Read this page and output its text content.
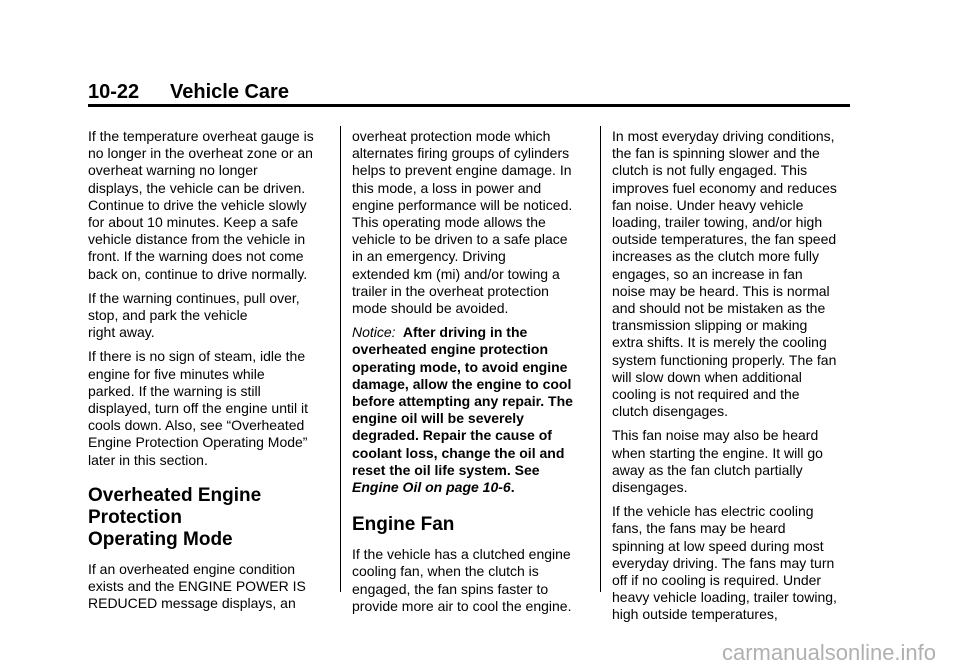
10-22 Vehicle Care

If the temperature overheat gauge is
no longer in the overheat zone or an
overheat warning no longer
displays, the vehicle can be driven.
Continue to drive the vehicle slowly
for about 10 minutes. Keep a safe
vehicle distance from the vehicle in
front. If the warning does not come
back on, continue to drive normally.

If the warning continues, pull over,
stop, and park the vehicle
right away.

If there is no sign of steam, idle the
engine for five minutes while
parked. If the warning is still
displayed, turn off the engine until it
cools down. Also, see “Overheated
Engine Protection Operating Mode”
later in this section.

Overheated Engine
Protection
Operating Mode

If an overheated engine condition
exists and the ENGINE POWER IS
REDUCED message displays, an

overheat protection mode which
alternates firing groups of cylinders
helps to prevent engine damage. In
this mode, a loss in power and
engine performance will be noticed.
This operating mode allows the
vehicle to be driven to a safe place
in an emergency. Driving
extended km (mi) and/or towing a
trailer in the overheat protection
mode should be avoided.

Notice: After driving in the
overheated engine protection
operating mode, to avoid engine
damage, allow the engine to cool
before attempting any repair. The
engine oil will be severely
degraded. Repair the cause of
coolant loss, change the oil and
reset the oil life system. See
Engine Oil on page 10-6.

Engine Fan

If the vehicle has a clutched engine
cooling fan, when the clutch is
engaged, the fan spins faster to
provide more air to cool the engine.

In most everyday driving conditions,
the fan is spinning slower and the
clutch is not fully engaged. This
improves fuel economy and reduces
fan noise. Under heavy vehicle
loading, trailer towing, and/or high
outside temperatures, the fan speed
increases as the clutch more fully
engages, so an increase in fan
noise may be heard. This is normal
and should not be mistaken as the
transmission slipping or making
extra shifts. It is merely the cooling
system functioning properly. The fan
will slow down when additional
cooling is not required and the
clutch disengages.

This fan noise may also be heard
when starting the engine. It will go
away as the fan clutch partially
disengages.

If the vehicle has electric cooling
fans, the fans may be heard
spinning at low speed during most
everyday driving. The fans may turn
off if no cooling is required. Under
heavy vehicle loading, trailer towing,
high outside temperatures,

carmanualsonline.info
